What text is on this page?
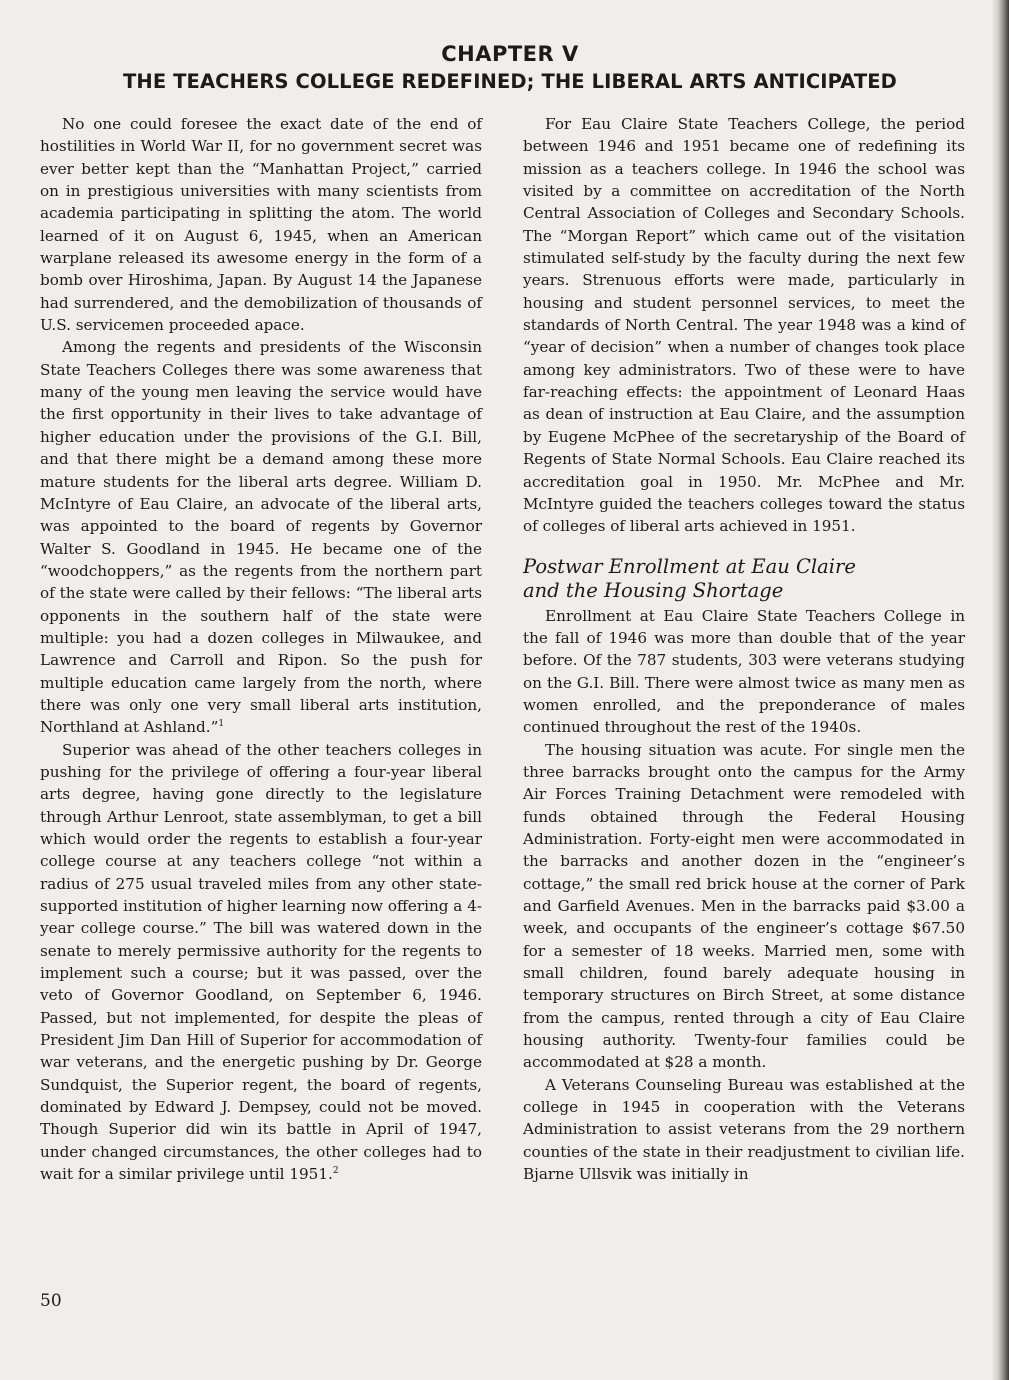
CHAPTER V
THE TEACHERS COLLEGE REDEFINED; THE LIBERAL ARTS ANTICIPATED

No one could foresee the exact date of the end of hostilities in World War II, for no government secret was ever better kept than the “Manhattan Project,” carried on in prestigious universities with many scientists from academia participating in splitting the atom. The world learned of it on August 6, 1945, when an American warplane released its awesome energy in the form of a bomb over Hiroshima, Japan. By August 14 the Japanese had surrendered, and the demobilization of thousands of U.S. servicemen proceeded apace.

Among the regents and presidents of the Wisconsin State Teachers Colleges there was some awareness that many of the young men leaving the service would have the first opportunity in their lives to take advantage of higher education under the provisions of the G.I. Bill, and that there might be a demand among these more mature students for the liberal arts degree. William D. McIntyre of Eau Claire, an advocate of the liberal arts, was appointed to the board of regents by Governor Walter S. Goodland in 1945. He became one of the “woodchoppers,” as the regents from the northern part of the state were called by their fellows: “The liberal arts opponents in the southern half of the state were multiple: you had a dozen colleges in Milwaukee, and Lawrence and Carroll and Ripon. So the push for multiple education came largely from the north, where there was only one very small liberal arts institution, Northland at Ashland.”$^1$

Superior was ahead of the other teachers colleges in pushing for the privilege of offering a four-year liberal arts degree, having gone directly to the legislature through Arthur Lenroot, state assemblyman, to get a bill which would order the regents to establish a four-year college course at any teachers college “not within a radius of 275 usual traveled miles from any other state-supported institution of higher learning now offering a 4-year college course.” The bill was watered down in the senate to merely permissive authority for the regents to implement such a course; but it was passed, over the veto of Governor Goodland, on September 6, 1946. Passed, but not implemented, for despite the pleas of President Jim Dan Hill of Superior for accommodation of war veterans, and the energetic pushing by Dr. George Sundquist, the Superior regent, the board of regents, dominated by Edward J. Dempsey, could not be moved. Though Superior did win its battle in April of 1947, under changed circumstances, the other colleges had to wait for a similar privilege until 1951.$^2$

For Eau Claire State Teachers College, the period between 1946 and 1951 became one of redefining its mission as a teachers college. In 1946 the school was visited by a committee on accreditation of the North Central Association of Colleges and Secondary Schools. The “Morgan Report” which came out of the visitation stimulated self-study by the faculty during the next few years. Strenuous efforts were made, particularly in housing and student personnel services, to meet the standards of North Central. The year 1948 was a kind of “year of decision” when a number of changes took place among key administrators. Two of these were to have far-reaching effects: the appointment of Leonard Haas as dean of instruction at Eau Claire, and the assumption by Eugene McPhee of the secretaryship of the Board of Regents of State Normal Schools. Eau Claire reached its accreditation goal in 1950. Mr. McPhee and Mr. McIntyre guided the teachers colleges toward the status of colleges of liberal arts achieved in 1951.

Postwar Enrollment at Eau Claire
and the Housing Shortage

Enrollment at Eau Claire State Teachers College in the fall of 1946 was more than double that of the year before. Of the 787 students, 303 were veterans studying on the G.I. Bill. There were almost twice as many men as women enrolled, and the preponderance of males continued throughout the rest of the 1940s.

The housing situation was acute. For single men the three barracks brought onto the campus for the Army Air Forces Training Detachment were remodeled with funds obtained through the Federal Housing Administration. Forty-eight men were accommodated in the barracks and another dozen in the “engineer’s cottage,” the small red brick house at the corner of Park and Garfield Avenues. Men in the barracks paid $3.00 a week, and occupants of the engineer’s cottage $67.50 for a semester of 18 weeks. Married men, some with small children, found barely adequate housing in temporary structures on Birch Street, at some distance from the campus, rented through a city of Eau Claire housing authority. Twenty-four families could be accommodated at $28 a month.

A Veterans Counseling Bureau was established at the college in 1945 in cooperation with the Veterans Administration to assist veterans from the 29 northern counties of the state in their readjustment to civilian life. Bjarne Ullsvik was initially in

50
